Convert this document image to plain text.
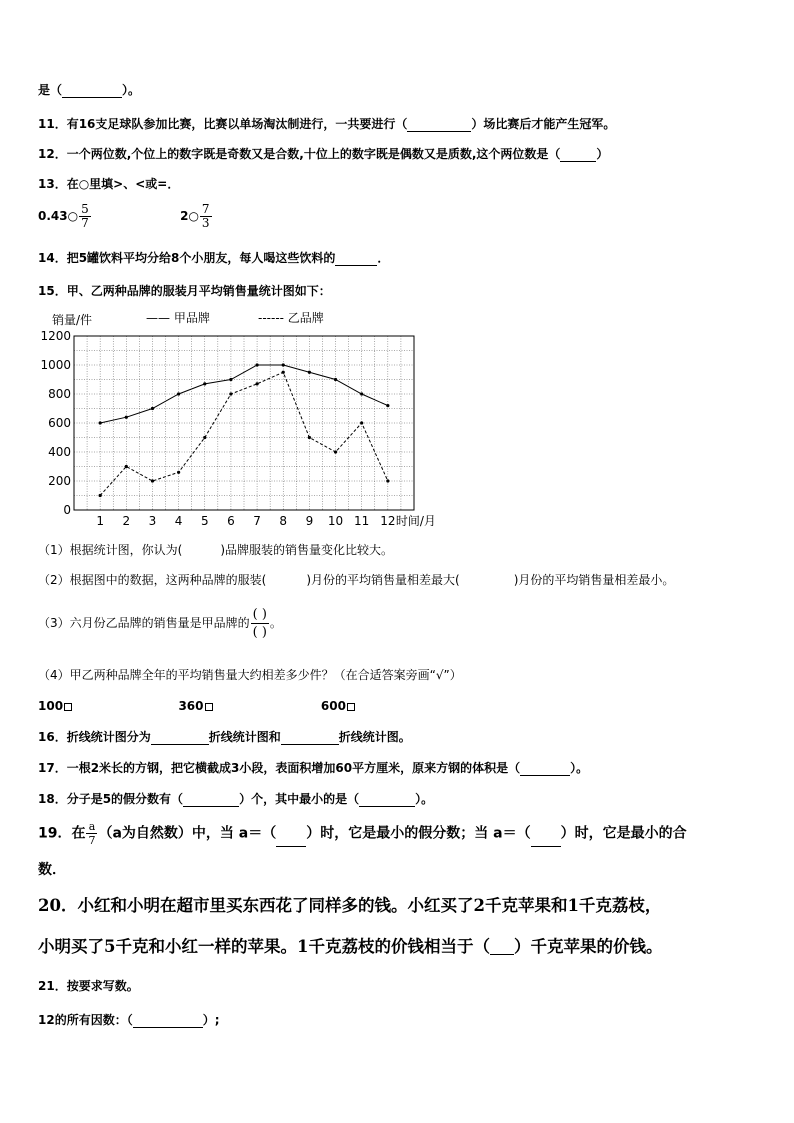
是（	）。
11．有16支足球队参加比赛，比赛以单场淘汰制进行，一共要进行（	）场比赛后才能产生冠军。
12．一个两位数,个位上的数字既是奇数又是合数,十位上的数字既是偶数又是质数,这个两位数是（	）
13．在○里填>、<或=．
0.43○ $\frac{5}{7}$	2○ $\frac{7}{3}$
14．把5罐饮料平均分给8个小朋友，每人喝这些饮料的	．
15．甲、乙两种品牌的服装月平均销售量统计图如下：
0
200
400
600
800
1000
1200
1 2 3 4 5 6 7 8 9 10 11 12 时间/月
销量/件	—— 甲品牌	------ 乙品牌
（1）根据统计图，你认为(	)品牌服装的销售量变化比较大。
（2）根据图中的数据，这两种品牌的服装(	)月份的平均销售量相差最大(	)月份的平均销售量相差最小。
（3）六月份乙品牌的销售量是甲品牌的 $\frac{( )}{( )}$ 。
（4）甲乙两种品牌全年的平均销售量大约相差多少件？（在合适答案旁画“√”）
100	360	600
16．折线统计图分为	折线统计图和	折线统计图。
17．一根2米长的方钢，把它横截成3小段，表面积增加60平方厘米，原来方钢的体积是（	）。
18．分子是5的假分数有（	）个，其中最小的是（	）。
19．在 $\frac{a}{7} (a$为自然数）中，当 a＝（ ）时，它是最小的假分数；当 a＝（ ）时，它是最小的合
数．
20．小红和小明在超市里买东西花了同样多的钱。小红买了2千克苹果和1千克荔枝，
小明买了5千克和小红一样的苹果。1千克荔枝的价钱相当于（ ）千克苹果的价钱。
21．按要求写数。
12的所有因数：（	）;
